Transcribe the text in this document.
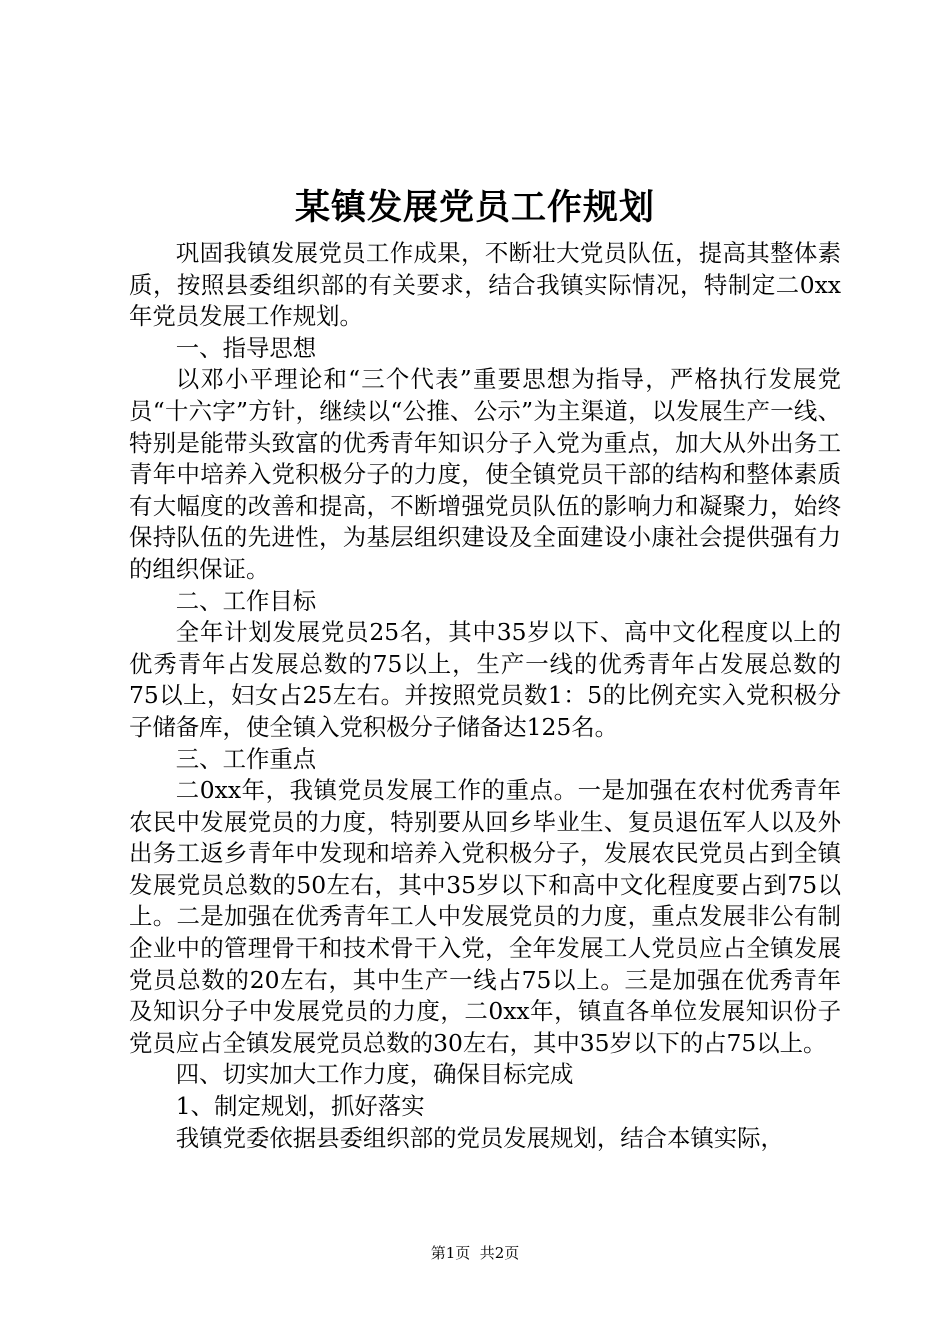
某镇发展党员工作规划

巩固我镇发展党员工作成果，不断壮大党员队伍，提高其整体素质，按照县委组织部的有关要求，结合我镇实际情况，特制定二0xx年党员发展工作规划。

一、指导思想

以邓小平理论和“三个代表”重要思想为指导，严格执行发展党员“十六字”方针，继续以“公推、公示”为主渠道，以发展生产一线、特别是能带头致富的优秀青年知识分子入党为重点，加大从外出务工青年中培养入党积极分子的力度，使全镇党员干部的结构和整体素质有大幅度的改善和提高，不断增强党员队伍的影响力和凝聚力，始终保持队伍的先进性，为基层组织建设及全面建设小康社会提供强有力的组织保证。

二、工作目标

全年计划发展党员25名，其中35岁以下、高中文化程度以上的优秀青年占发展总数的75以上，生产一线的优秀青年占发展总数的75以上，妇女占25左右。并按照党员数1：5的比例充实入党积极分子储备库，使全镇入党积极分子储备达125名。

三、工作重点

二0xx年，我镇党员发展工作的重点。一是加强在农村优秀青年农民中发展党员的力度，特别要从回乡毕业生、复员退伍军人以及外出务工返乡青年中发现和培养入党积极分子，发展农民党员占到全镇发展党员总数的50左右，其中35岁以下和高中文化程度要占到75以上。二是加强在优秀青年工人中发展党员的力度，重点发展非公有制企业中的管理骨干和技术骨干入党，全年发展工人党员应占全镇发展党员总数的20左右，其中生产一线占75以上。三是加强在优秀青年及知识分子中发展党员的力度，二0xx年，镇直各单位发展知识份子党员应占全镇发展党员总数的30左右，其中35岁以下的占75以上。

四、切实加大工作力度，确保目标完成

1、制定规划，抓好落实

我镇党委依据县委组织部的党员发展规划，结合本镇实际，

第1页  共2页
